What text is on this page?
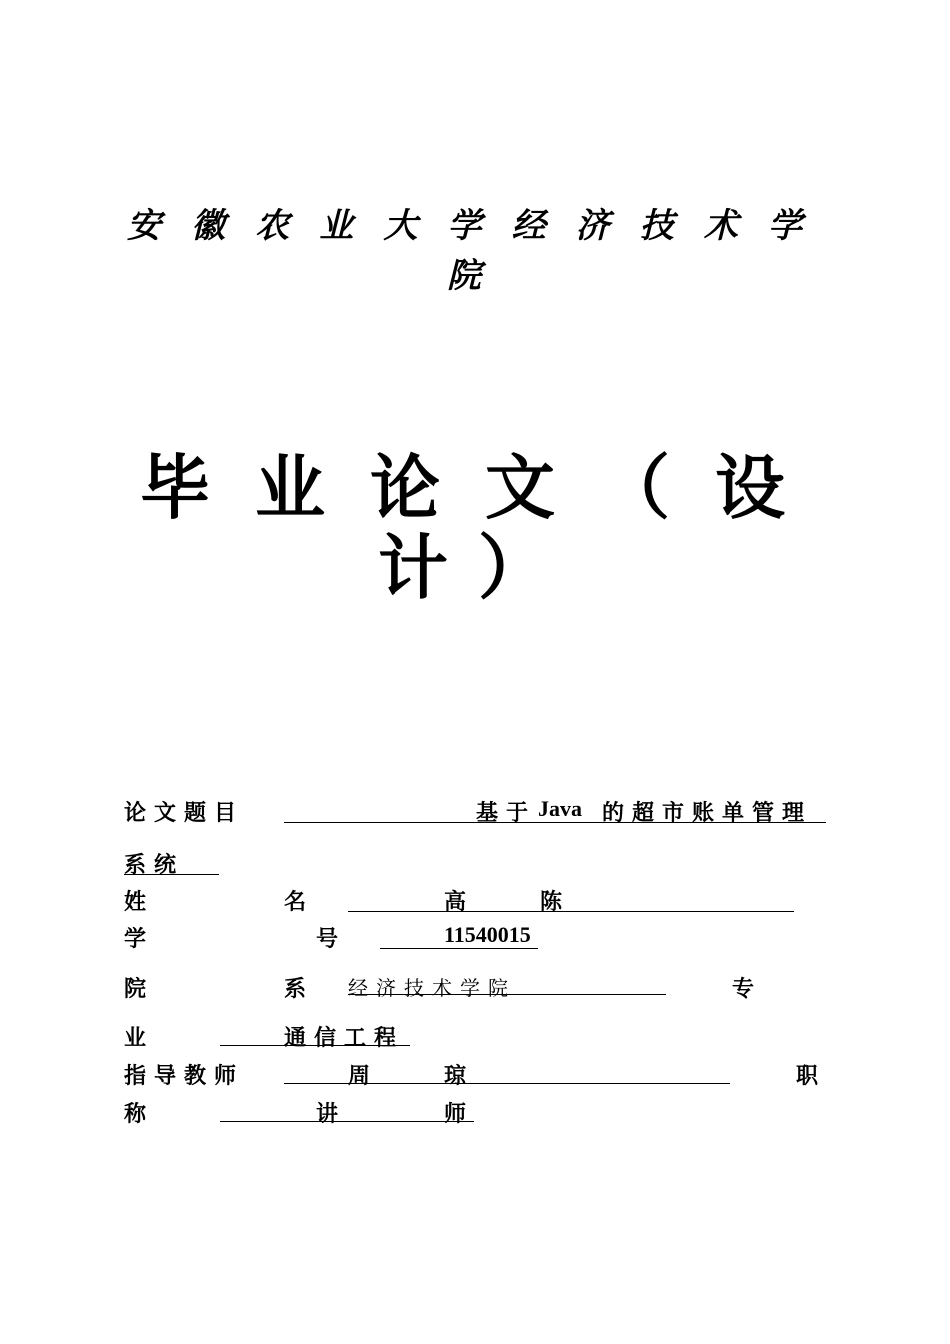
安 徽 农 业 大 学 经 济 技 术 学
院
毕 业 论 文 （ 设
计 ）
论文题目	基于 Java 的超市账单管理
系统
姓	名	高	陈
学	号	11540015
院	系 经济技术学院	专
业	通信工程
指导教师	周	琼	职
称	讲	师
